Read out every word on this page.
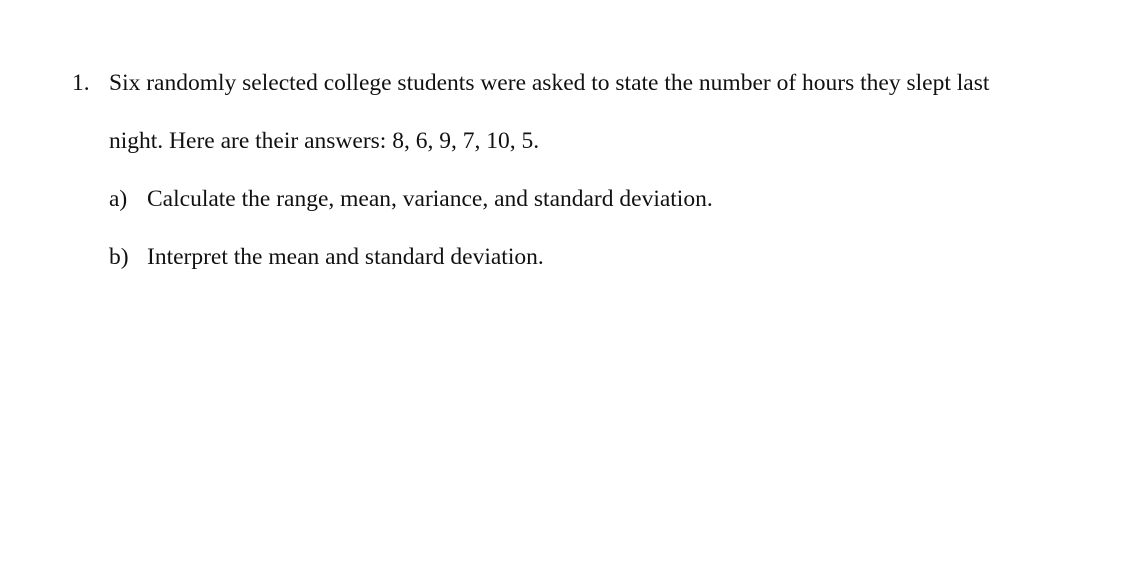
1. Six randomly selected college students were asked to state the number of hours they slept last
night. Here are their answers: 8, 6, 9, 7, 10, 5.
a) Calculate the range, mean, variance, and standard deviation.
b) Interpret the mean and standard deviation.
